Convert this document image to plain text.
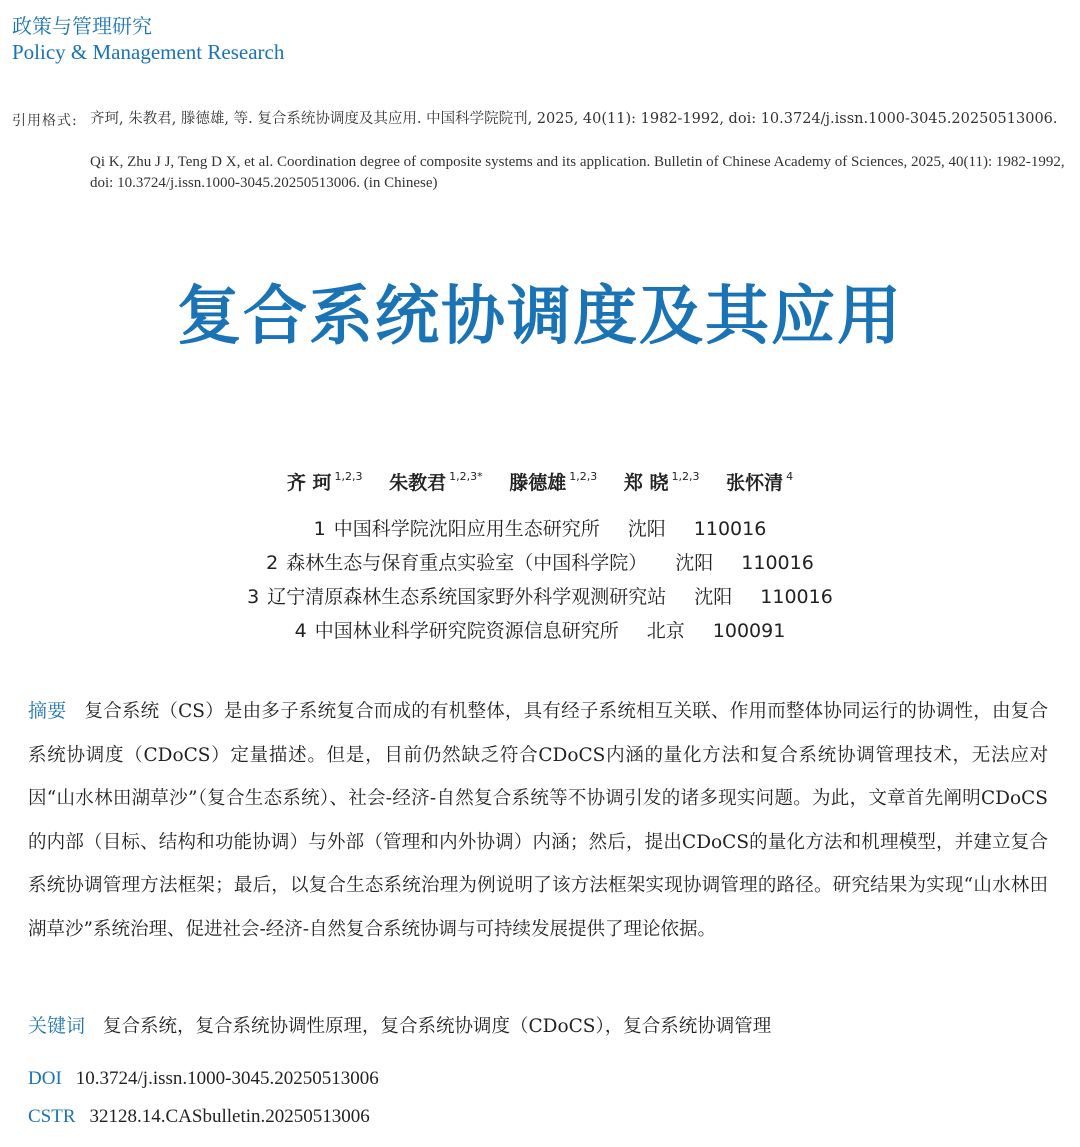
政策与管理研究
Policy & Management Research
引用格式: 齐珂, 朱教君, 滕德雄, 等. 复合系统协调度及其应用. 中国科学院院刊, 2025, 40(11): 1982-1992, doi: 10.3724/j.issn.1000-3045.20250513006.
Qi K, Zhu J J, Teng D X, et al. Coordination degree of composite systems and its application. Bulletin of Chinese Academy of Sciences, 2025, 40(11): 1982-1992, doi: 10.3724/j.issn.1000-3045.20250513006. (in Chinese)
复合系统协调度及其应用
齐 珂 $^{1,2,3}$ 朱教君 $^{1,2,3*}$ 滕德雄 $^{1,2,3}$ 郑 晓 $^{1,2,3}$ 张怀清 $^4$
1 中国科学院沈阳应用生态研究所 沈阳 110016
2 森林生态与保育重点实验室（中国科学院） 沈阳 110016
3 辽宁清原森林生态系统国家野外科学观测研究站 沈阳 110016
4 中国林业科学研究院资源信息研究所 北京 100091
摘要 复合系统（CS）是由多子系统复合而成的有机整体，具有经子系统相互关联、作用而整体协同运行的协调性，由复合系统协调度（CDoCS）定量描述。但是，目前仍然缺乏符合CDoCS内涵的量化方法和复合系统协调管理技术，无法应对因“山水林田湖草沙”（复合生态系统）、社会-经济-自然复合系统等不协调引发的诸多现实问题。为此，文章首先阐明CDoCS的内部（目标、结构和功能协调）与外部（管理和内外协调）内涵；然后，提出CDoCS的量化方法和机理模型，并建立复合系统协调管理方法框架；最后，以复合生态系统治理为例说明了该方法框架实现协调管理的路径。研究结果为实现“山水林田湖草沙”系统治理、促进社会-经济-自然复合系统协调与可持续发展提供了理论依据。
关键词 复合系统，复合系统协调性原理，复合系统协调度（CDoCS），复合系统协调管理
DOI 10.3724/j.issn.1000-3045.20250513006
CSTR 32128.14.CASbulletin.20250513006
